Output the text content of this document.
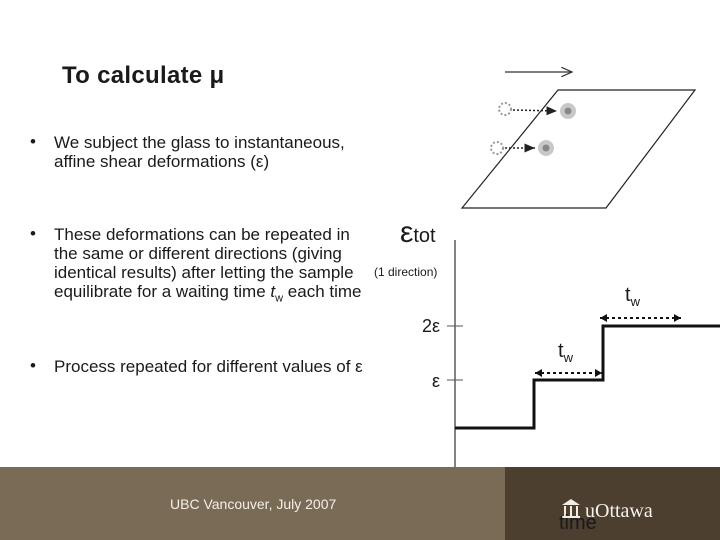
To calculate μ
• We subject the glass to instantaneous, affine shear deformations (ε)
• These deformations can be repeated in the same or different directions (giving identical results) after letting the sample equilibrate for a waiting time $t_w$ each time
• Process repeated for different values of ε
εtot
(1 direction)
2ε
ε
$t_w$
$t_w$
UBC Vancouver, July 2007	uOttawa
time
